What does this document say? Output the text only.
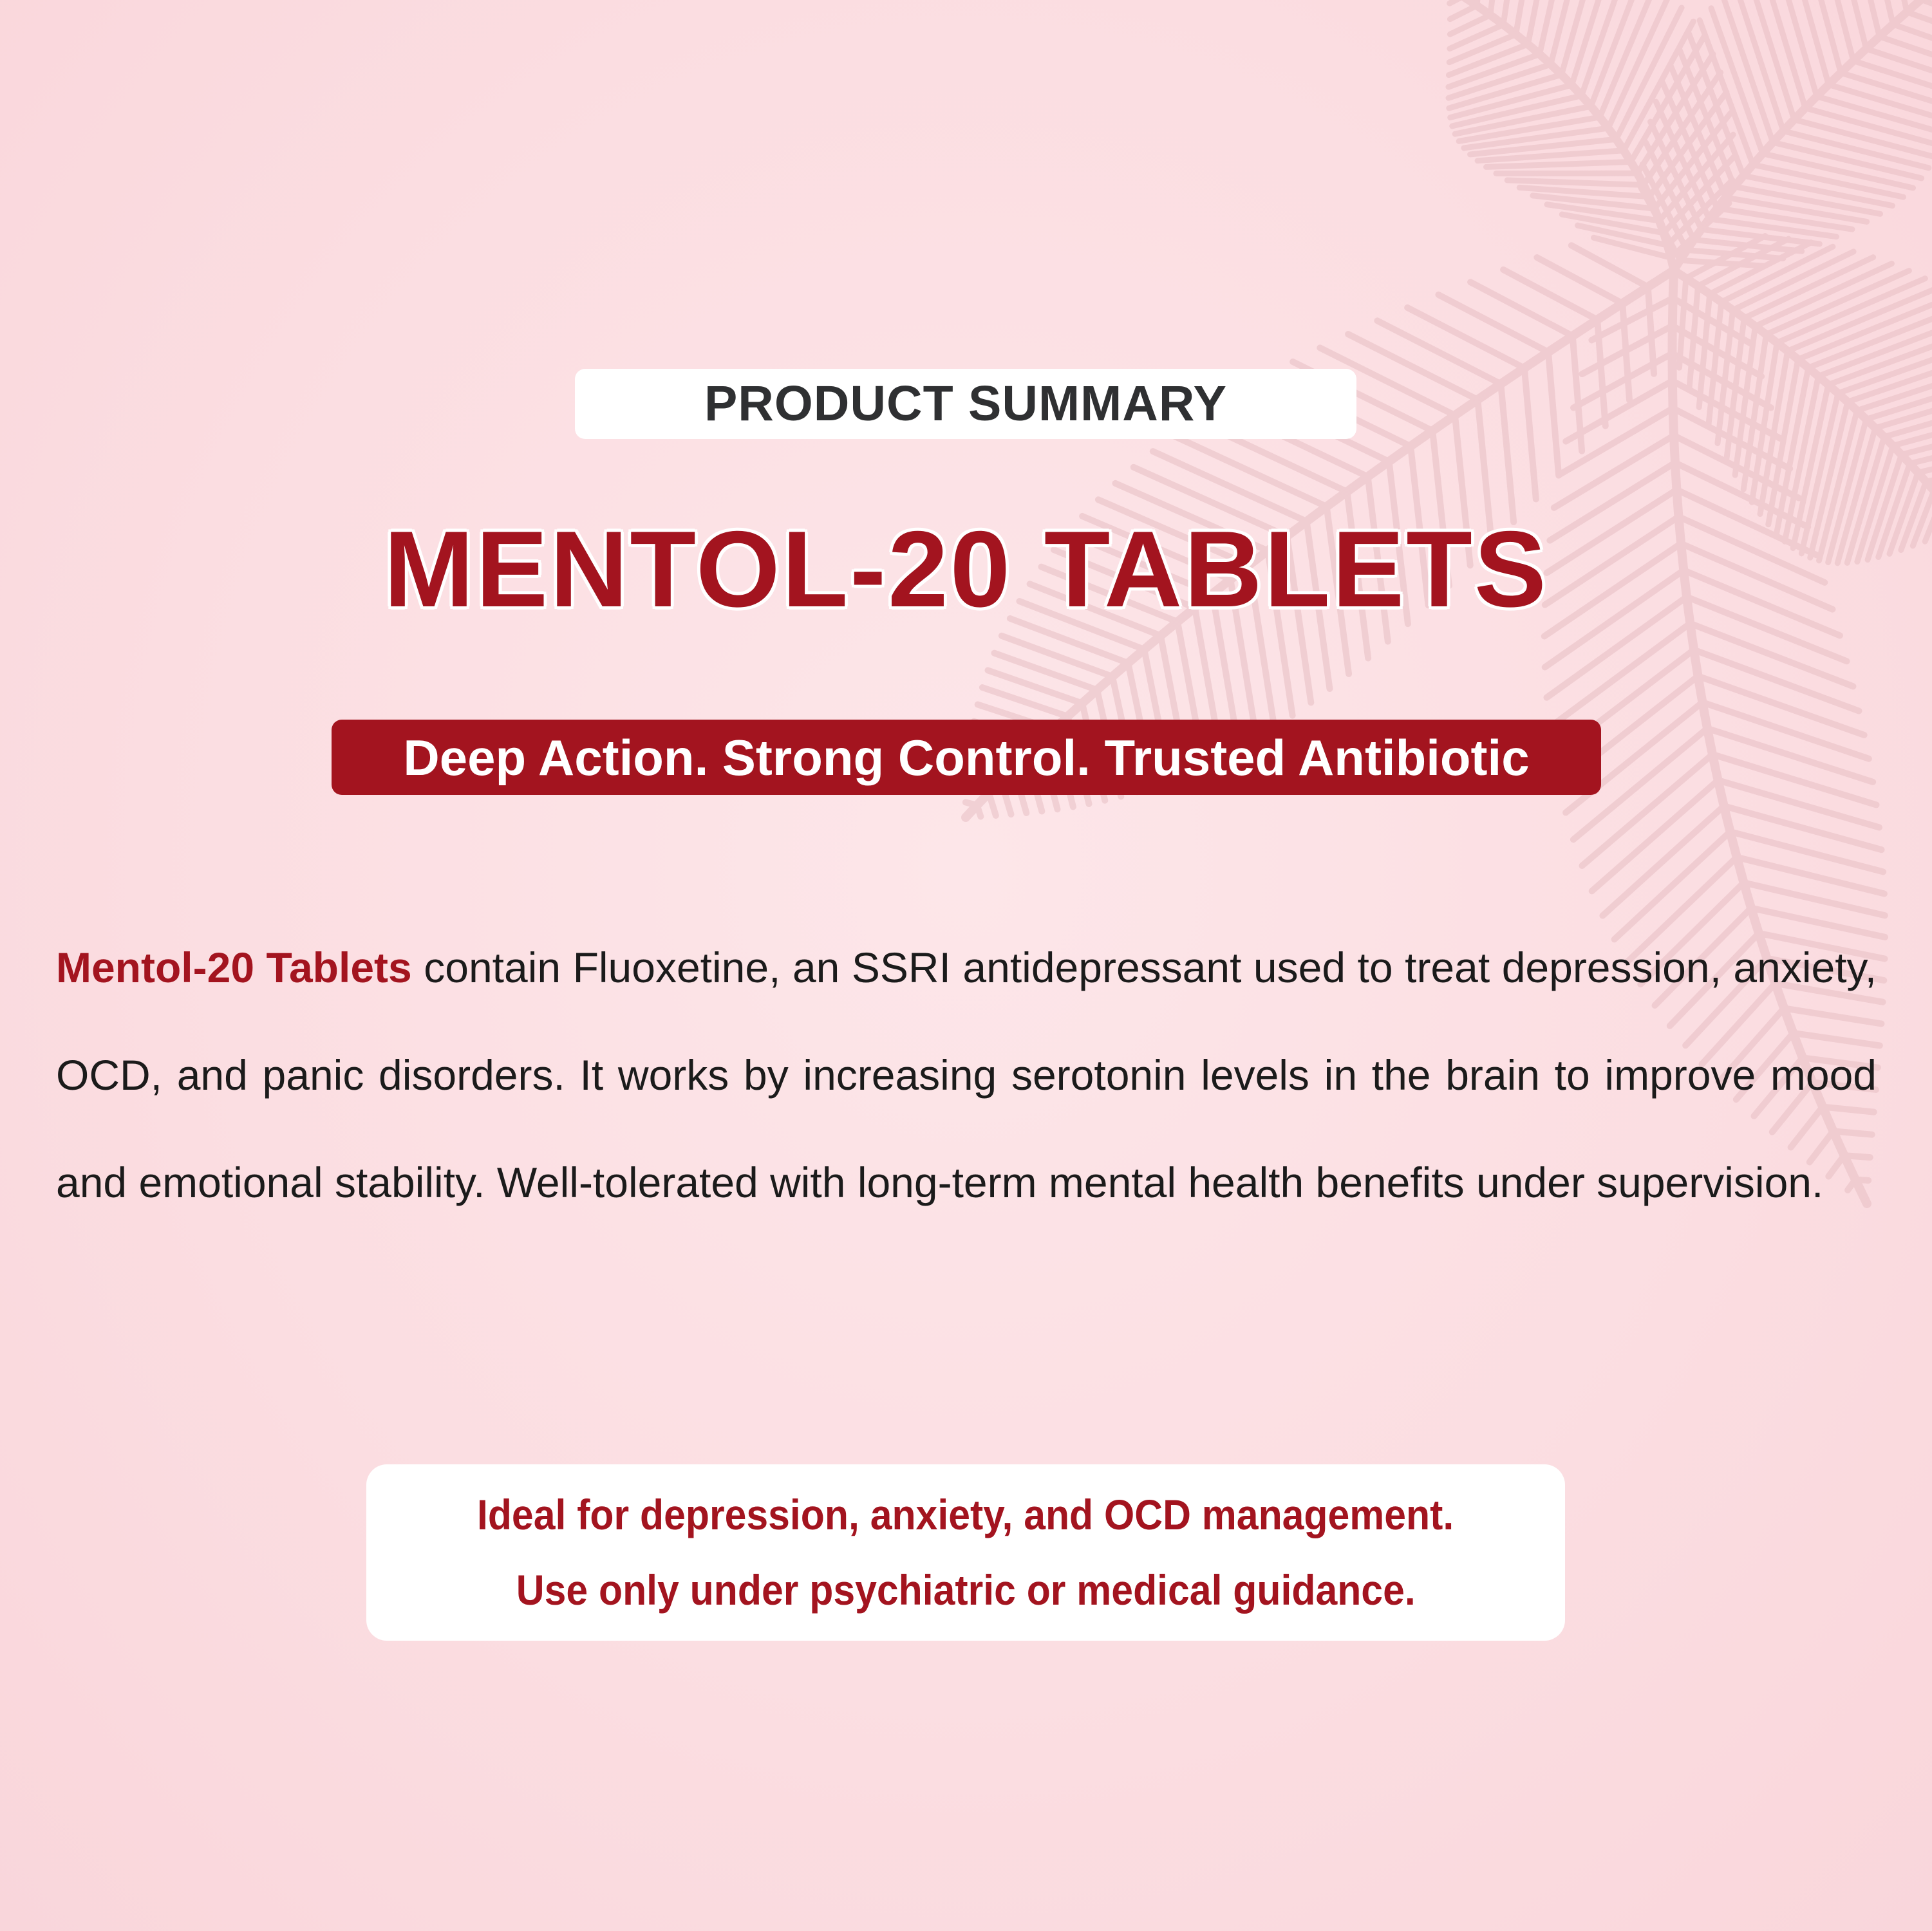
PRODUCT SUMMARY
MENTOL-20 TABLETS
Deep Action. Strong Control. Trusted Antibiotic

Mentol-20 Tablets contain Fluoxetine, an SSRI antidepressant used to treat depression, anxiety, OCD, and panic disorders. It works by increasing serotonin levels in the brain to improve mood and emotional stability. Well-tolerated with long-term mental health benefits under supervision.

Ideal for depression, anxiety, and OCD management.
Use only under psychiatric or medical guidance.
